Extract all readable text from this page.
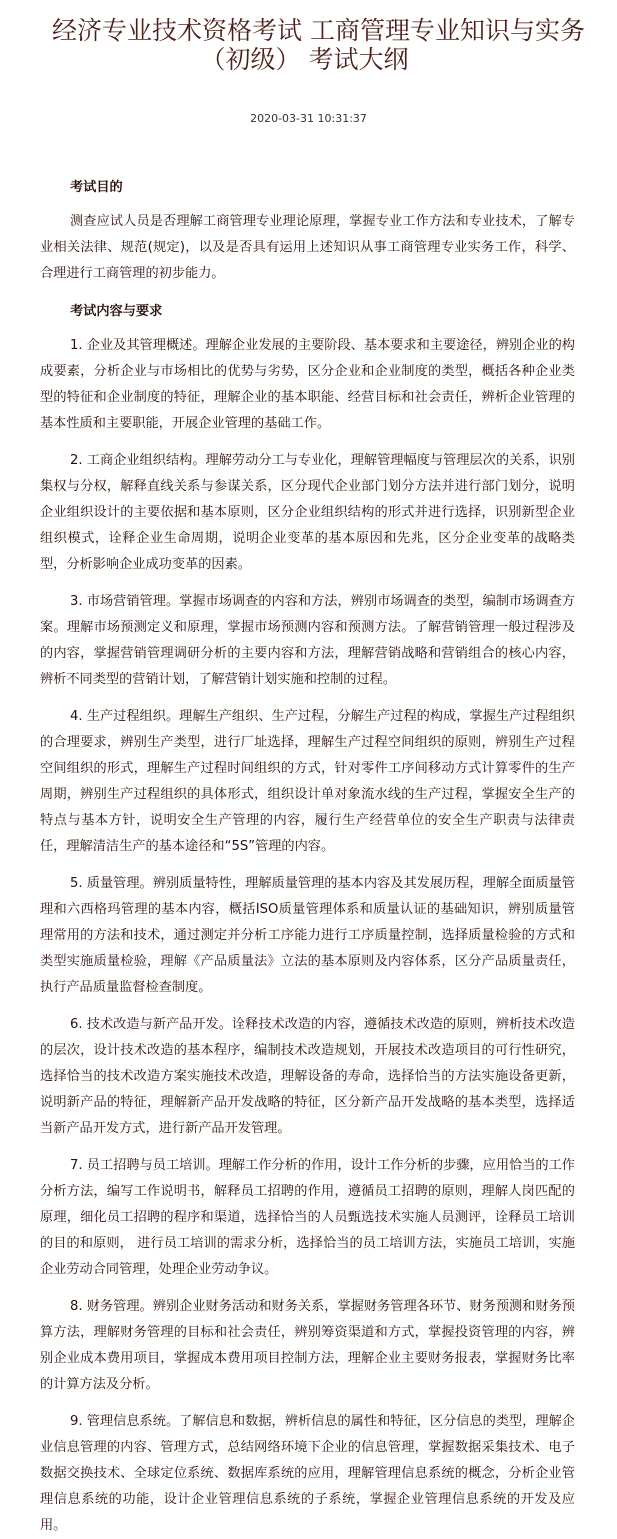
经济专业技术资格考试 工商管理专业知识与实务
（初级） 考试大纲
2020-03-31 10:31:37
考试目的

测查应试人员是否理解工商管理专业理论原理，掌握专业工作方法和专业技术，了解专业相关法律、规范(规定)，以及是否具有运用上述知识从事工商管理专业实务工作，科学、合理进行工商管理的初步能力。

考试内容与要求

1. 企业及其管理概述。理解企业发展的主要阶段、基本要求和主要途径，辨别企业的构成要素，分析企业与市场相比的优势与劣势，区分企业和企业制度的类型，概括各种企业类型的特征和企业制度的特征，理解企业的基本职能、经营目标和社会责任，辨析企业管理的基本性质和主要职能，开展企业管理的基础工作。

2. 工商企业组织结构。理解劳动分工与专业化，理解管理幅度与管理层次的关系，识别集权与分权，解释直线关系与参谋关系，区分现代企业部门划分方法并进行部门划分，说明企业组织设计的主要依据和基本原则，区分企业组织结构的形式并进行选择，识别新型企业组织模式，诠释企业生命周期，说明企业变革的基本原因和先兆，区分企业变革的战略类型，分析影响企业成功变革的因素。

3. 市场营销管理。掌握市场调查的内容和方法，辨别市场调查的类型，编制市场调查方案。理解市场预测定义和原理，掌握市场预测内容和预测方法。了解营销管理一般过程涉及的内容，掌握营销管理调研分析的主要内容和方法，理解营销战略和营销组合的核心内容，辨析不同类型的营销计划，了解营销计划实施和控制的过程。

4. 生产过程组织。理解生产组织、生产过程，分解生产过程的构成，掌握生产过程组织的合理要求，辨别生产类型，进行厂址选择，理解生产过程空间组织的原则，辨别生产过程空间组织的形式，理解生产过程时间组织的方式，针对零件工序间移动方式计算零件的生产周期，辨别生产过程组织的具体形式，组织设计单对象流水线的生产过程，掌握安全生产的特点与基本方针，说明安全生产管理的内容，履行生产经营单位的安全生产职责与法律责任，理解清洁生产的基本途径和“5S”管理的内容。

5. 质量管理。辨别质量特性，理解质量管理的基本内容及其发展历程，理解全面质量管理和六西格玛管理的基本内容，概括ISO质量管理体系和质量认证的基础知识，辨别质量管理常用的方法和技术，通过测定并分析工序能力进行工序质量控制，选择质量检验的方式和类型实施质量检验，理解《产品质量法》立法的基本原则及内容体系，区分产品质量责任，执行产品质量监督检查制度。

6. 技术改造与新产品开发。诠释技术改造的内容，遵循技术改造的原则，辨析技术改造的层次，设计技术改造的基本程序，编制技术改造规划，开展技术改造项目的可行性研究，选择恰当的技术改造方案实施技术改造，理解设备的寿命，选择恰当的方法实施设备更新，说明新产品的特征，理解新产品开发战略的特征，区分新产品开发战略的基本类型，选择适当新产品开发方式，进行新产品开发管理。

7. 员工招聘与员工培训。理解工作分析的作用，设计工作分析的步骤，应用恰当的工作分析方法，编写工作说明书，解释员工招聘的作用，遵循员工招聘的原则，理解人岗匹配的原理，细化员工招聘的程序和渠道，选择恰当的人员甄选技术实施人员测评，诠释员工培训的目的和原则， 进行员工培训的需求分析，选择恰当的员工培训方法，实施员工培训，实施企业劳动合同管理，处理企业劳动争议。

8. 财务管理。辨别企业财务活动和财务关系，掌握财务管理各环节、财务预测和财务预算方法，理解财务管理的目标和社会责任，辨别筹资渠道和方式，掌握投资管理的内容，辨别企业成本费用项目，掌握成本费用项目控制方法，理解企业主要财务报表，掌握财务比率的计算方法及分析。

9. 管理信息系统。了解信息和数据，辨析信息的属性和特征，区分信息的类型，理解企业信息管理的内容、管理方式，总结网络环境下企业的信息管理，掌握数据采集技术、电子数据交换技术、全球定位系统、数据库系统的应用，理解管理信息系统的概念，分析企业管理信息系统的功能，设计企业管理信息系统的子系统，掌握企业管理信息系统的开发及应用。
